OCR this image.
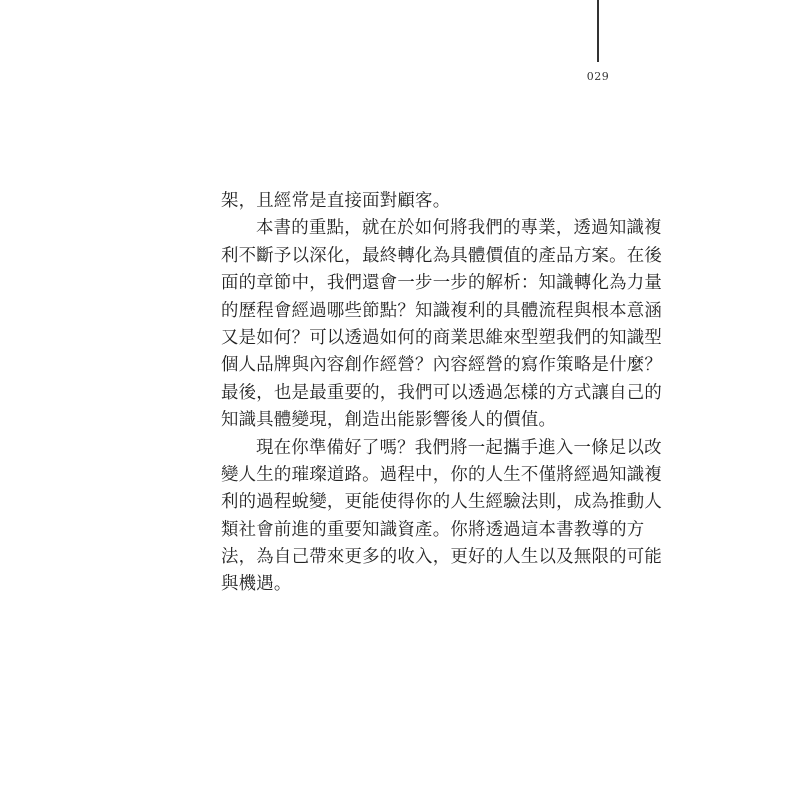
029
架，且經常是直接面對顧客。
本書的重點，就在於如何將我們的專業，透過知識複
利不斷予以深化，最終轉化為具體價值的產品方案。在後
面的章節中，我們還會一步一步的解析：知識轉化為力量
的歷程會經過哪些節點？知識複利的具體流程與根本意涵
又是如何？可以透過如何的商業思維來型塑我們的知識型
個人品牌與內容創作經營？內容經營的寫作策略是什麼？
最後，也是最重要的，我們可以透過怎樣的方式讓自己的
知識具體變現，創造出能影響後人的價值。
現在你準備好了嗎？我們將一起攜手進入一條足以改
變人生的璀璨道路。過程中，你的人生不僅將經過知識複
利的過程蛻變，更能使得你的人生經驗法則，成為推動人
類社會前進的重要知識資產。你將透過這本書教導的方
法，為自己帶來更多的收入，更好的人生以及無限的可能
與機遇。
